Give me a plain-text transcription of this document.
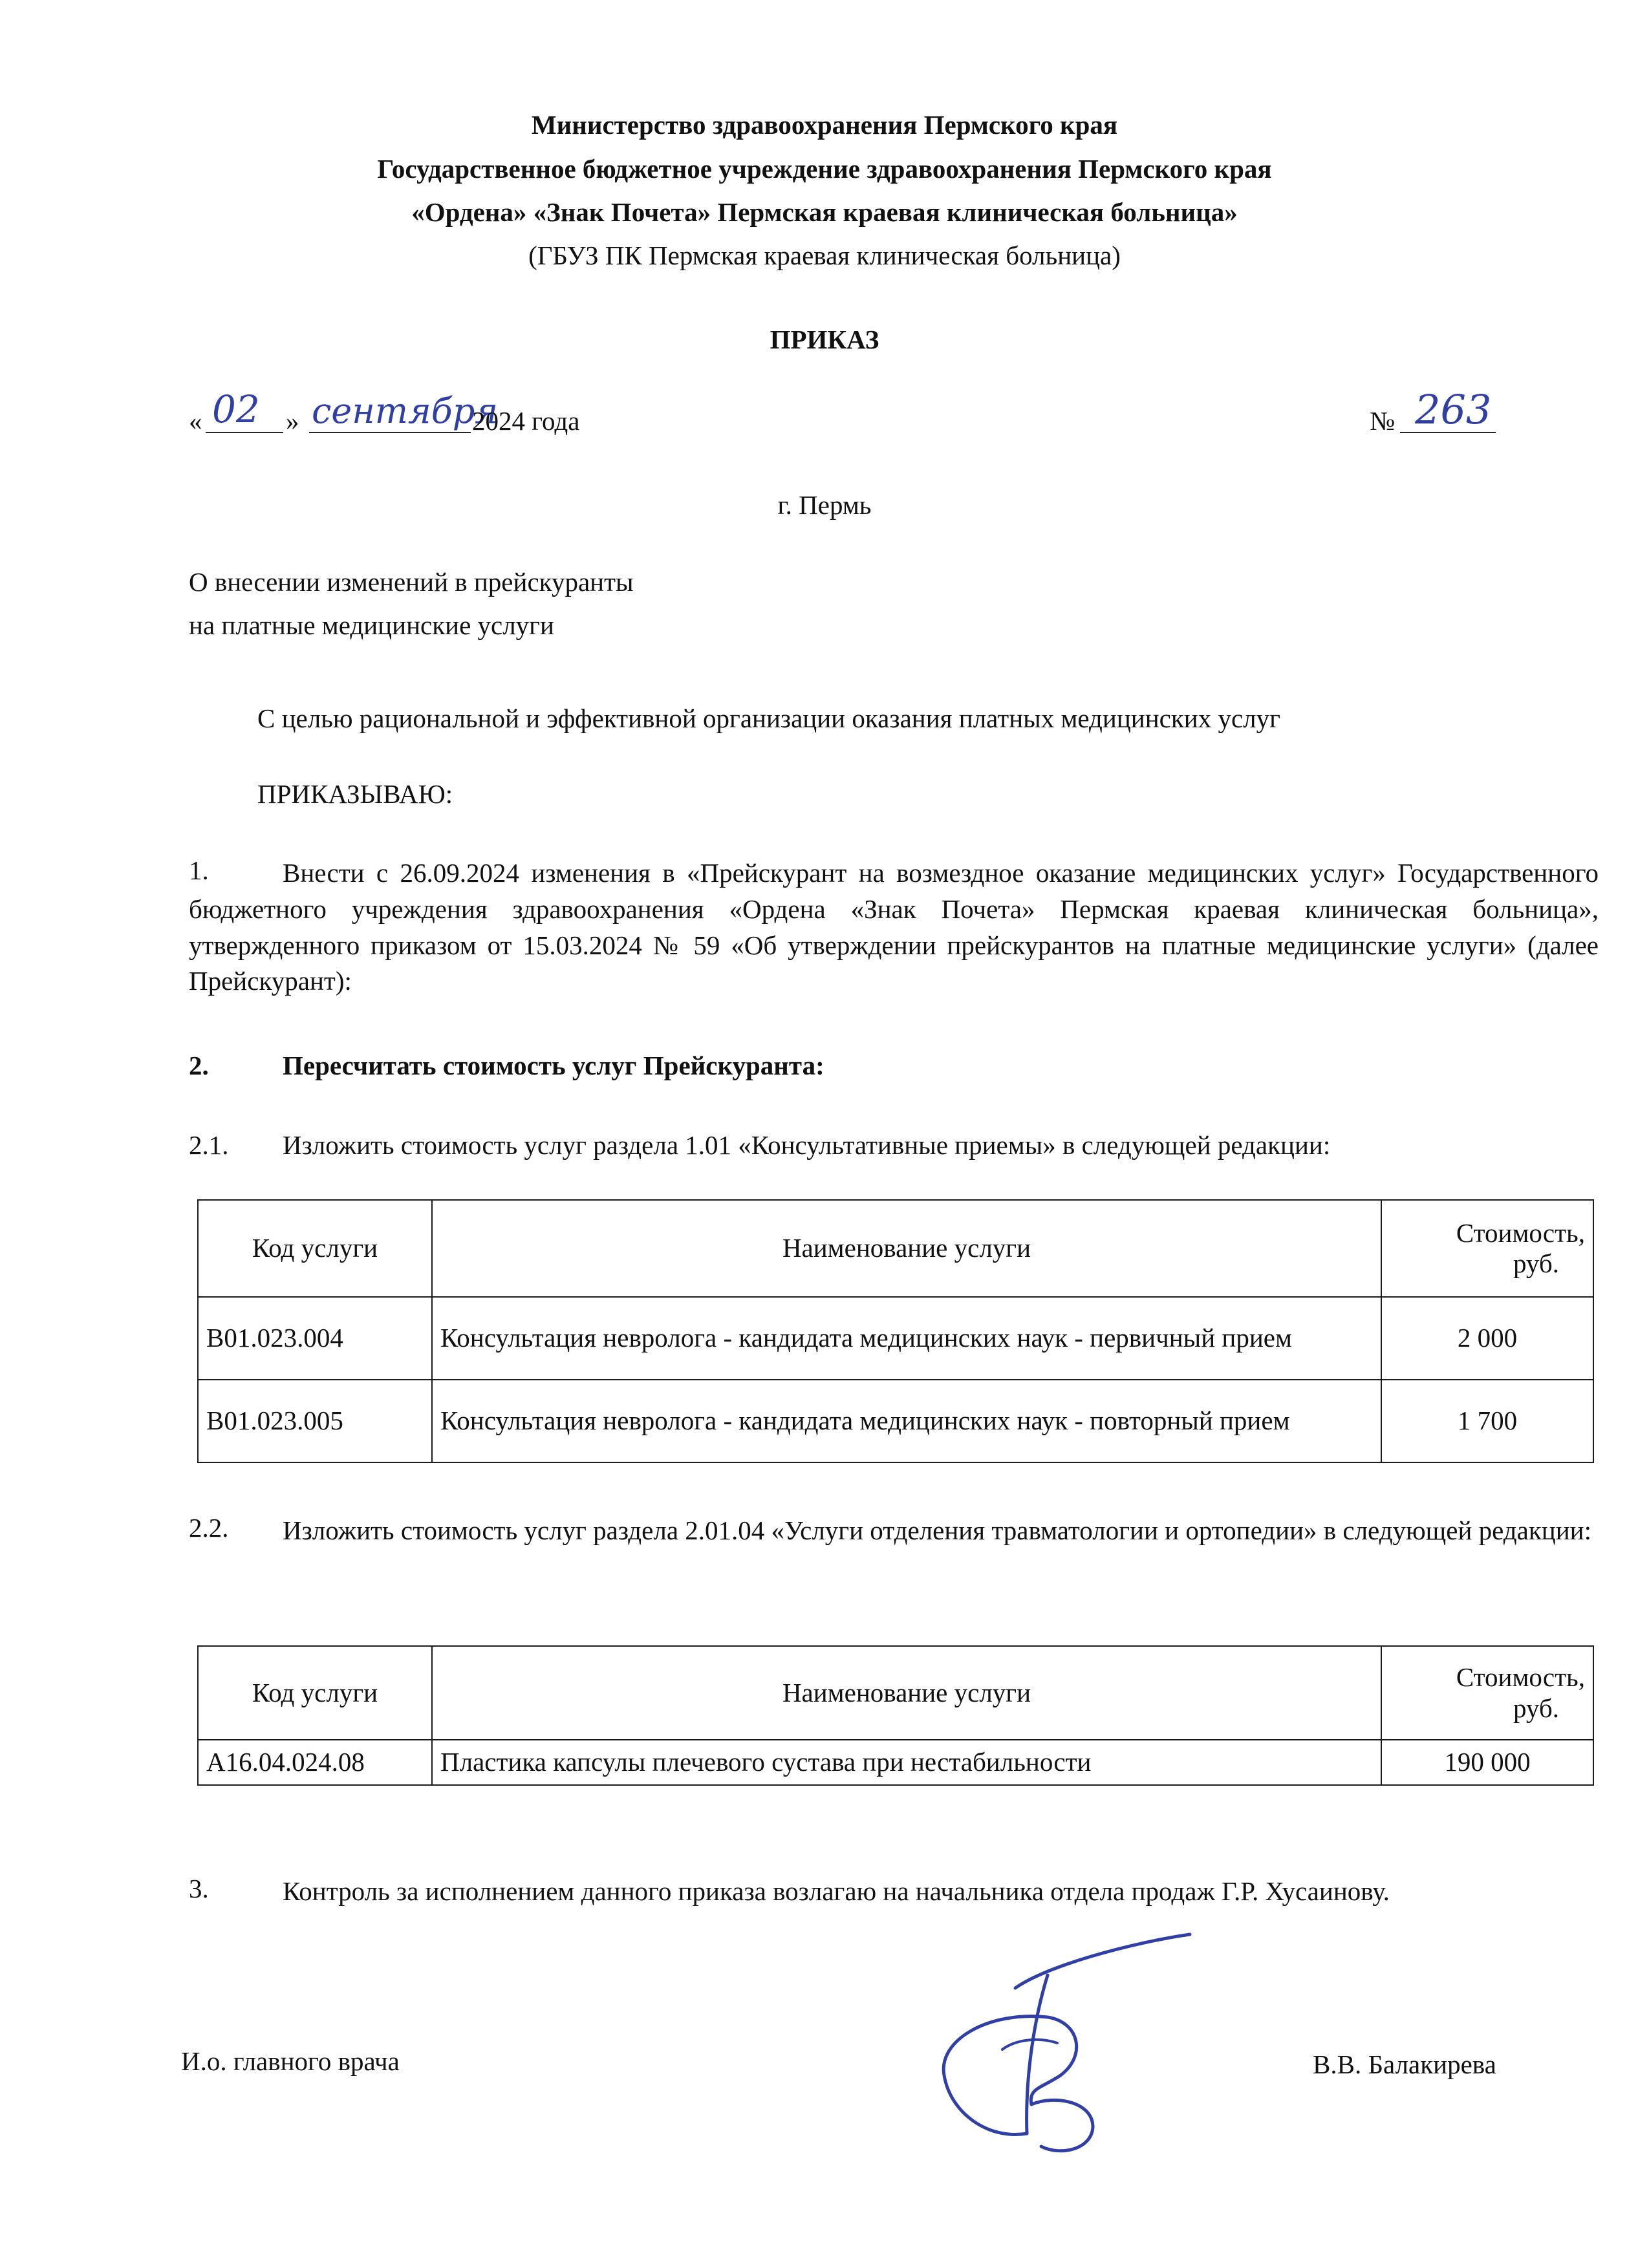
Министерство здравоохранения Пермского края
Государственное бюджетное учреждение здравоохранения Пермского края
«Ордена» «Знак Почета» Пермская краевая клиническая больница»
(ГБУЗ ПК Пермская краевая клиническая больница)
ПРИКАЗ
« 02 » сентября
2024 года	№ 263
г. Пермь
О внесении изменений в прейскуранты
на платные медицинские услуги
С целью рациональной и эффективной организации оказания платных медицинских услуг
ПРИКАЗЫВАЮ:
1.	Внести с 26.09.2024 изменения в «Прейскурант на возмездное оказание медицинских услуг» Государственного бюджетного учреждения здравоохранения «Ордена «Знак Почета» Пермская краевая клиническая больница», утвержденного приказом от 15.03.2024 № 59 «Об утверждении прейскурантов на платные медицинские услуги» (далее Прейскурант):
2.	Пересчитать стоимость услуг Прейскуранта:
2.1. Изложить стоимость услуг раздела 1.01 «Консультативные приемы» в следующей редакции:
Код услуги	Наименование услуги	Стоимость,
руб.

B01.023.004	Консультация невролога - кандидата медицинских наук - первичный прием	2 000
B01.023.005	Консультация невролога - кандидата медицинских наук - повторный прием	1 700
2.2.	Изложить стоимость услуг раздела 2.01.04 «Услуги отделения травматологии и ортопедии» в следующей редакции:
Код услуги	Наименование услуги	Стоимость,
руб.

A16.04.024.08	Пластика капсулы плечевого сустава при нестабильности	190 000
3.	Контроль за исполнением данного приказа возлагаю на начальника отдела продаж Г.Р. Хусаинову.
И.о. главного врача	В.В. Балакирева
